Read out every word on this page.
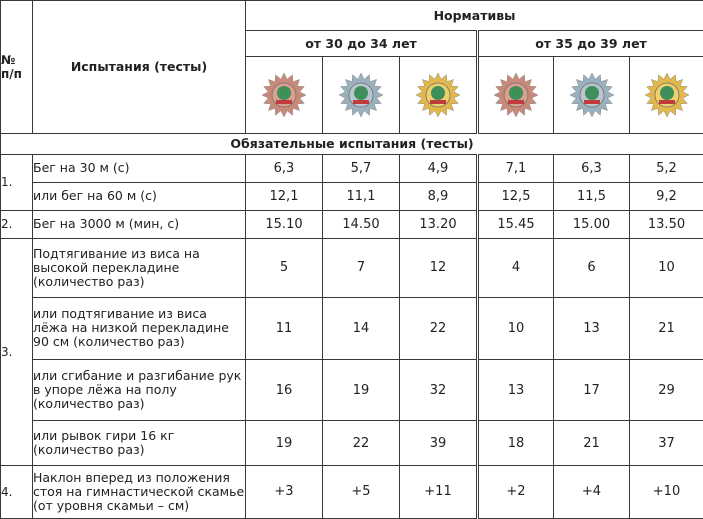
№ п/п	Испытания (тесты)	Нормативы					
		от 30 до 34 лет			от 35 до 39 лет		

Обязательные испытания (тесты)							
1.	Бег на 30 м (с)	6,3	5,7	4,9	7,1	6,3	5,2
	или бег на 60 м (с)	12,1	11,1	8,9	12,5	11,5	9,2
2.	Бег на 3000 м (мин, с)	15.10	14.50	13.20	15.45	15.00	13.50
3.	Подтягивание из виса на высокой перекладине (количество раз)	5	7	12	4	6	10
	или подтягивание из виса лёжа на низкой перекладине 90 см (количество раз)	11	14	22	10	13	21
	или сгибание и разгибание рук в упоре лёжа на полу (количество раз)	16	19	32	13	17	29
	или рывок гири 16 кг (количество раз)	19	22	39	18	21	37
4.	Наклон вперед из положения стоя на гимнастической скамье (от уровня скамьи – см)	+3	+5	+11	+2	+4	+10
